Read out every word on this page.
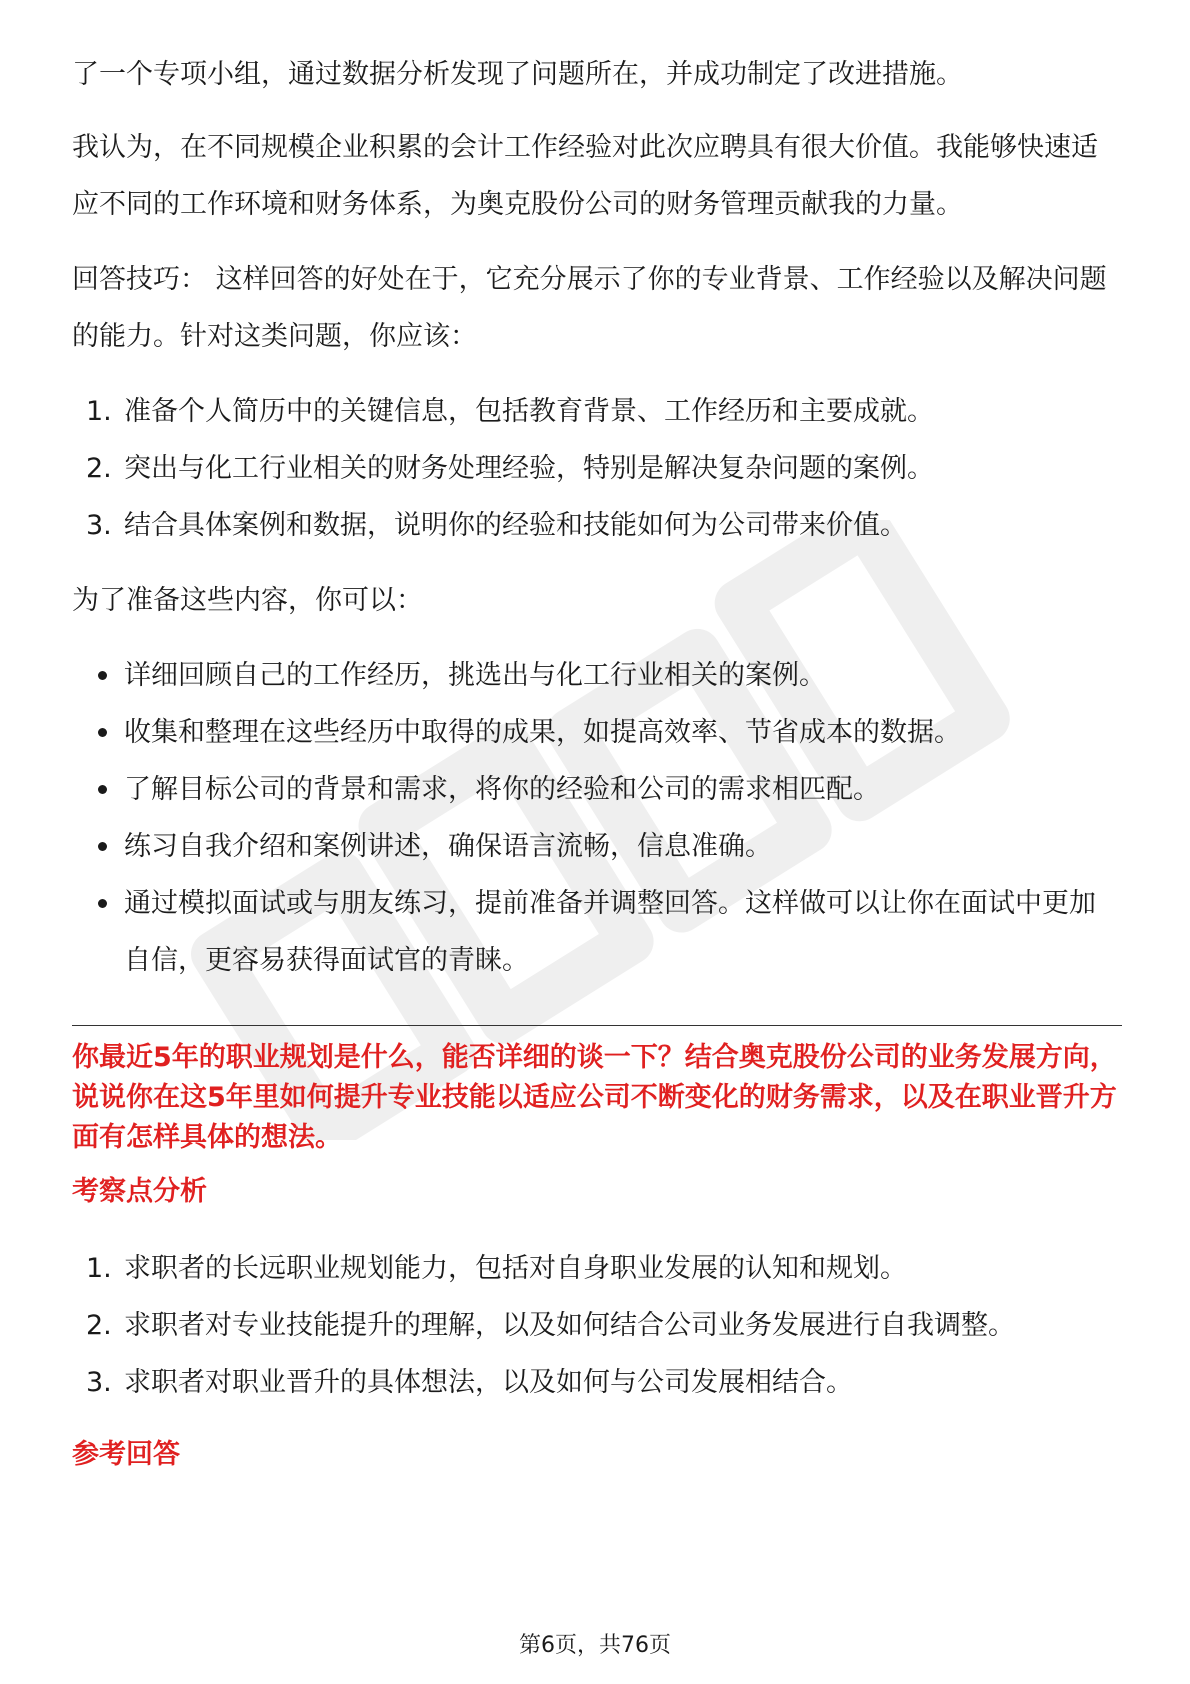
了一个专项小组，通过数据分析发现了问题所在，并成功制定了改进措施。

我认为，在不同规模企业积累的会计工作经验对此次应聘具有很大价值。我能够快速适应不同的工作环境和财务体系，为奥克股份公司的财务管理贡献我的力量。

回答技巧： 这样回答的好处在于，它充分展示了你的专业背景、工作经验以及解决问题的能力。针对这类问题，你应该：

1. 准备个人简历中的关键信息，包括教育背景、工作经历和主要成就。
2. 突出与化工行业相关的财务处理经验，特别是解决复杂问题的案例。
3. 结合具体案例和数据，说明你的经验和技能如何为公司带来价值。

为了准备这些内容，你可以：

详细回顾自己的工作经历，挑选出与化工行业相关的案例。
收集和整理在这些经历中取得的成果，如提高效率、节省成本的数据。
了解目标公司的背景和需求，将你的经验和公司的需求相匹配。
练习自我介绍和案例讲述，确保语言流畅，信息准确。
通过模拟面试或与朋友练习，提前准备并调整回答。这样做可以让你在面试中更加自信，更容易获得面试官的青睐。

你最近5年的职业规划是什么，能否详细的谈一下？结合奥克股份公司的业务发展方向，说说你在这5年里如何提升专业技能以适应公司不断变化的财务需求，以及在职业晋升方面有怎样具体的想法。

考察点分析

1. 求职者的长远职业规划能力，包括对自身职业发展的认知和规划。
2. 求职者对专业技能提升的理解，以及如何结合公司业务发展进行自我调整。
3. 求职者对职业晋升的具体想法，以及如何与公司发展相结合。

参考回答

第6页，共76页
